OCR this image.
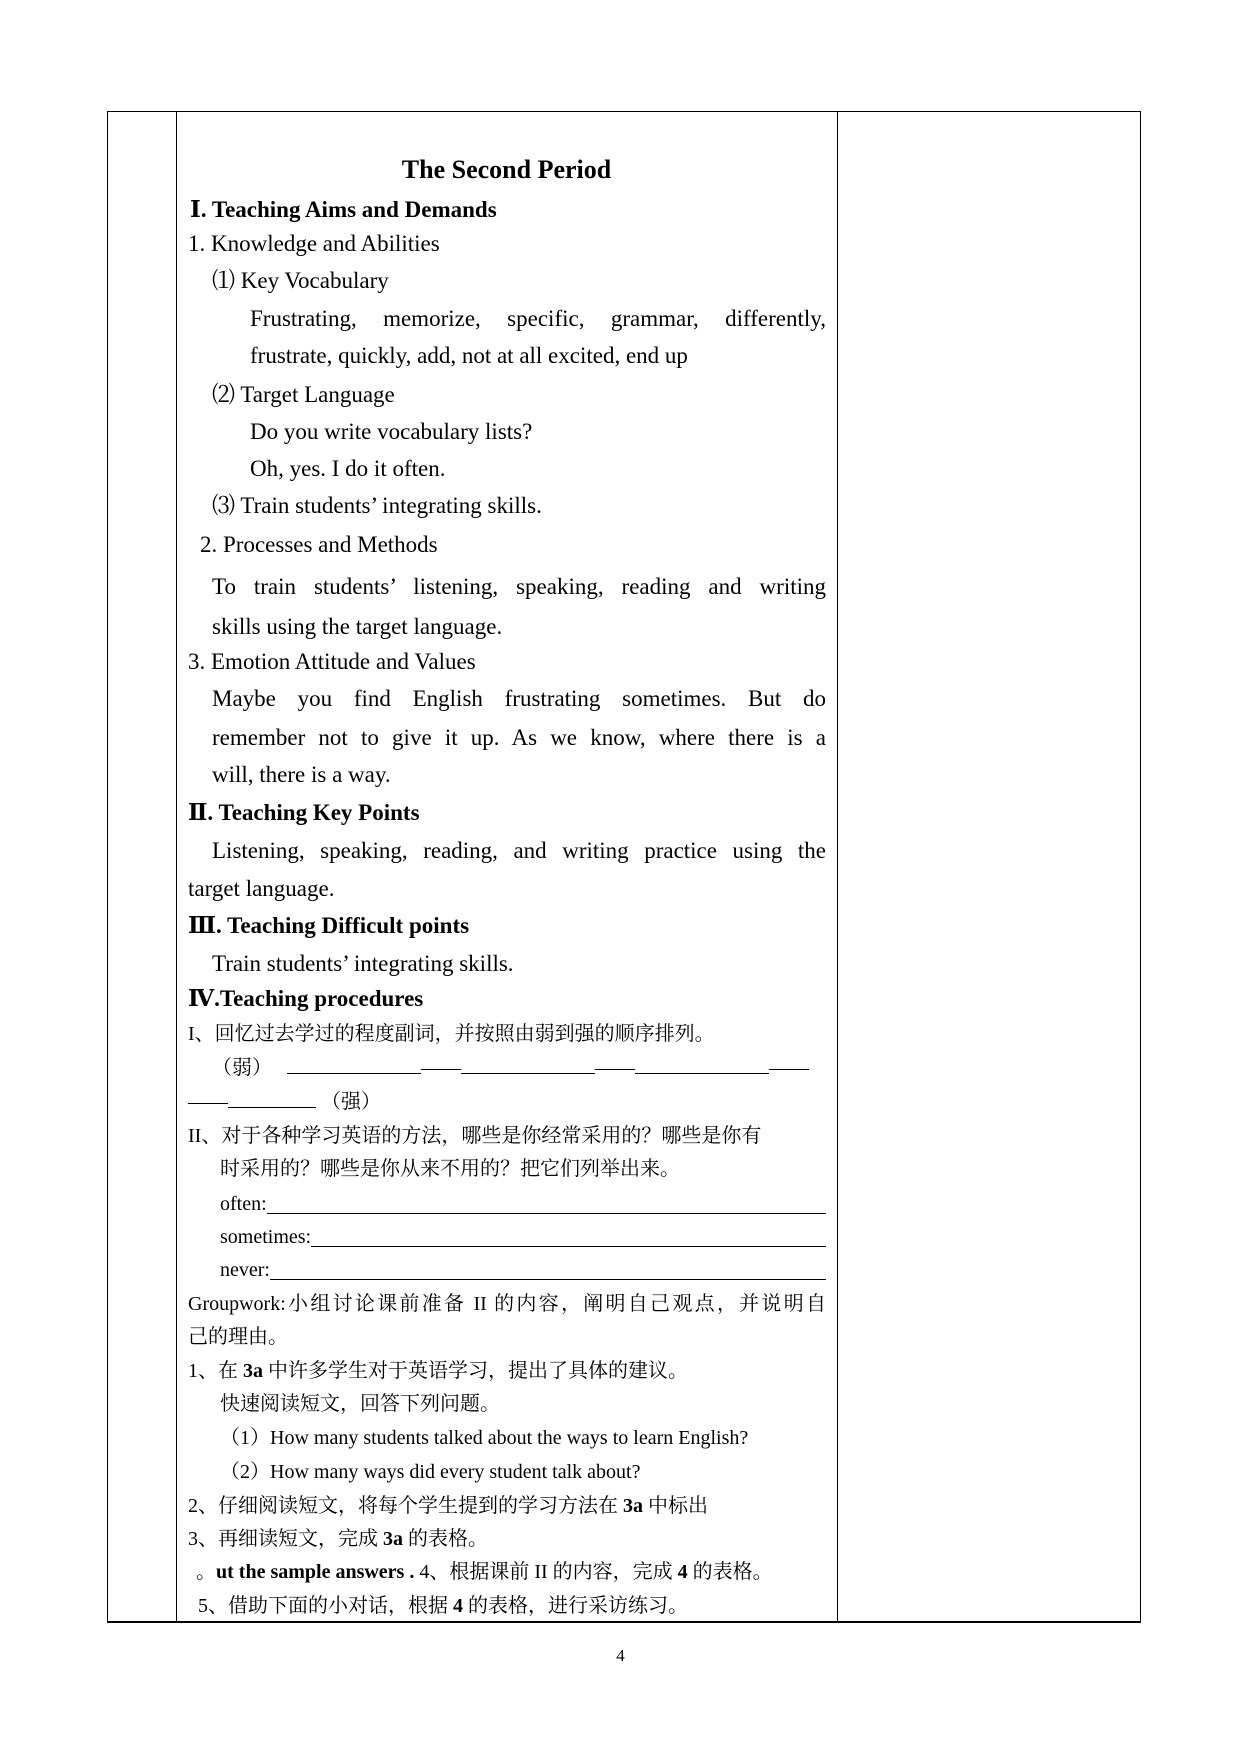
The Second Period
Ⅰ. Teaching Aims and Demands
1. Knowledge and Abilities
⑴ Key Vocabulary
Frustrating, memorize, specific, grammar, differently,
frustrate, quickly, add, not at all excited, end up
⑵ Target Language
Do you write vocabulary lists?
Oh, yes. I do it often.
⑶ Train students’ integrating skills.
2. Processes and Methods
To train students’ listening, speaking, reading and writing
skills using the target language.
3. Emotion Attitude and Values
Maybe you find English frustrating sometimes. But do
remember not to give it up. As we know, where there is a
will, there is a way.
Ⅱ. Teaching Key Points
Listening, speaking, reading, and writing practice using the
target language.
Ⅲ. Teaching Difficult points
Train students’ integrating skills.
Ⅳ.Teaching procedures
I、回忆过去学过的程度副词，并按照由弱到强的顺序排列。
（弱）	——	——	——
——	（强）
II、对于各种学习英语的方法，哪些是你经常采用的？哪些是你有
时采用的？哪些是你从来不用的？把它们列举出来。
often:
sometimes:
never:
Groupwork:小组讨论课前准备 II 的内容，阐明自己观点，并说明自
己的理由。
1、在 3a 中许多学生对于英语学习，提出了具体的建议。
快速阅读短文，回答下列问题。
（1）How many students talked about the ways to learn English?
（2）How many ways did every student talk about?
2、仔细阅读短文，将每个学生提到的学习方法在 3a 中标出
3、再细读短文，完成 3a 的表格。
。ut the sample answers . 4、根据课前 II 的内容，完成 4 的表格。
5、借助下面的小对话，根据 4 的表格，进行采访练习。
4
